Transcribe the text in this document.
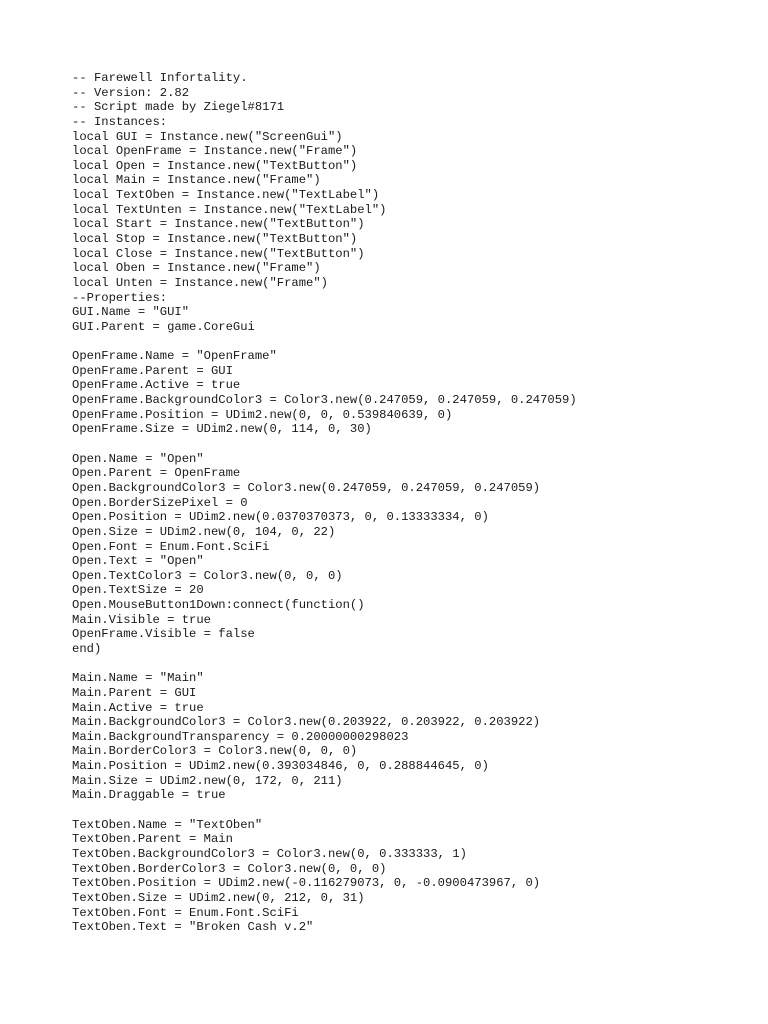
-- Farewell Infortality.
-- Version: 2.82
-- Script made by Ziegel#8171
-- Instances:
local GUI = Instance.new("ScreenGui")
local OpenFrame = Instance.new("Frame")
local Open = Instance.new("TextButton")
local Main = Instance.new("Frame")
local TextOben = Instance.new("TextLabel")
local TextUnten = Instance.new("TextLabel")
local Start = Instance.new("TextButton")
local Stop = Instance.new("TextButton")
local Close = Instance.new("TextButton")
local Oben = Instance.new("Frame")
local Unten = Instance.new("Frame")
--Properties:
GUI.Name = "GUI"
GUI.Parent = game.CoreGui
OpenFrame.Name = "OpenFrame"
OpenFrame.Parent = GUI
OpenFrame.Active = true
OpenFrame.BackgroundColor3 = Color3.new(0.247059, 0.247059, 0.247059)
OpenFrame.Position = UDim2.new(0, 0, 0.539840639, 0)
OpenFrame.Size = UDim2.new(0, 114, 0, 30)
Open.Name = "Open"
Open.Parent = OpenFrame
Open.BackgroundColor3 = Color3.new(0.247059, 0.247059, 0.247059)
Open.BorderSizePixel = 0
Open.Position = UDim2.new(0.0370370373, 0, 0.13333334, 0)
Open.Size = UDim2.new(0, 104, 0, 22)
Open.Font = Enum.Font.SciFi
Open.Text = "Open"
Open.TextColor3 = Color3.new(0, 0, 0)
Open.TextSize = 20
Open.MouseButton1Down:connect(function()
Main.Visible = true
OpenFrame.Visible = false
end)
Main.Name = "Main"
Main.Parent = GUI
Main.Active = true
Main.BackgroundColor3 = Color3.new(0.203922, 0.203922, 0.203922)
Main.BackgroundTransparency = 0.20000000298023
Main.BorderColor3 = Color3.new(0, 0, 0)
Main.Position = UDim2.new(0.393034846, 0, 0.288844645, 0)
Main.Size = UDim2.new(0, 172, 0, 211)
Main.Draggable = true
TextOben.Name = "TextOben"
TextOben.Parent = Main
TextOben.BackgroundColor3 = Color3.new(0, 0.333333, 1)
TextOben.BorderColor3 = Color3.new(0, 0, 0)
TextOben.Position = UDim2.new(-0.116279073, 0, -0.0900473967, 0)
TextOben.Size = UDim2.new(0, 212, 0, 31)
TextOben.Font = Enum.Font.SciFi
TextOben.Text = "Broken Cash v.2"
